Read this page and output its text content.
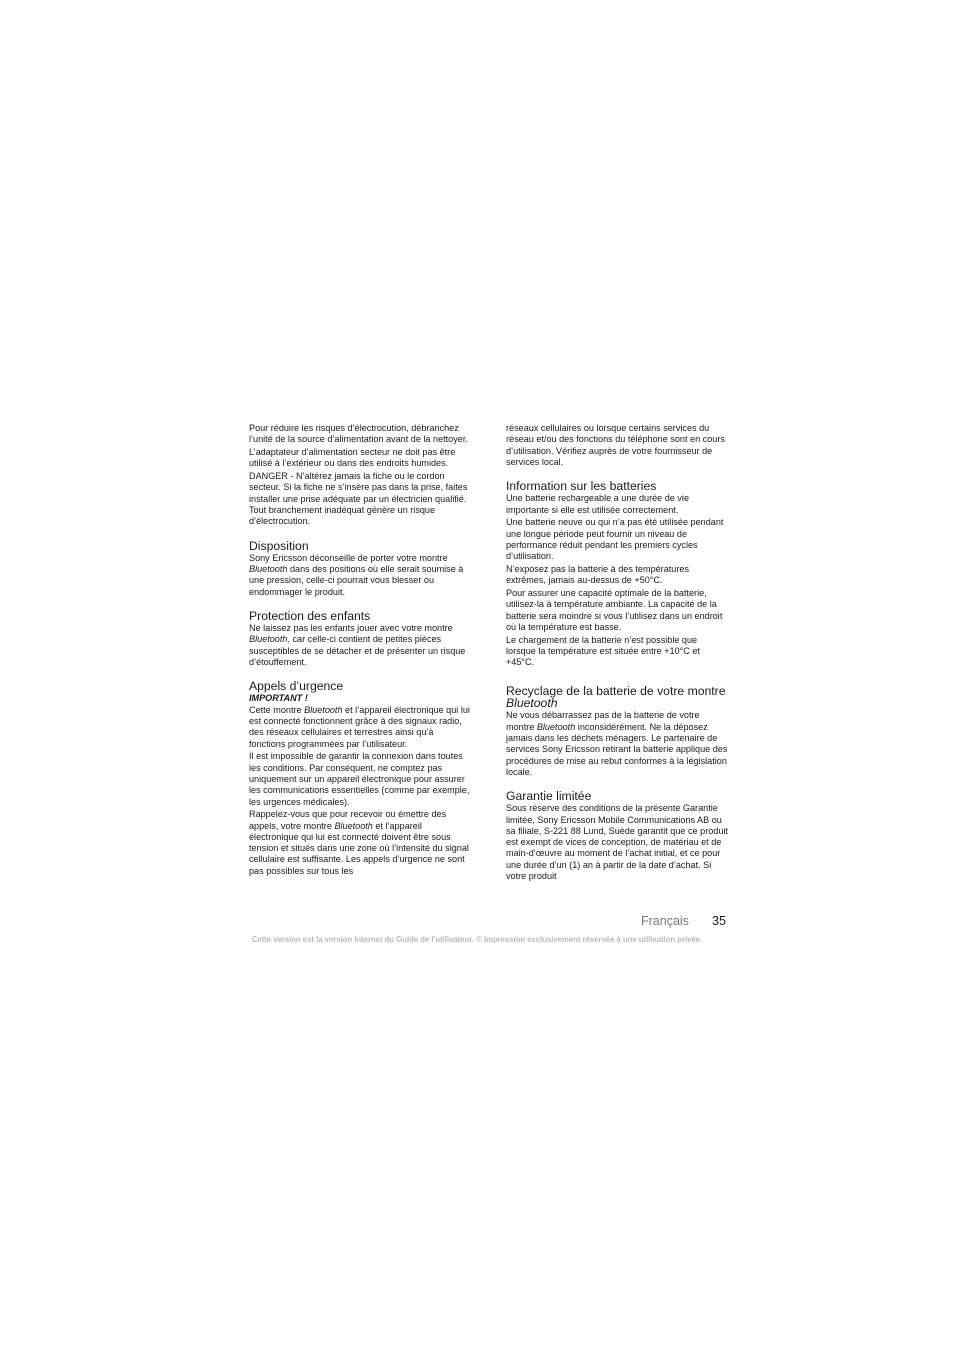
Pour réduire les risques d’électrocution, débranchez l’unité de la source d’alimentation avant de la nettoyer.

L’adaptateur d’alimentation secteur ne doit pas être utilisé à l’extérieur ou dans des endroits humides.

DANGER - N’altérez jamais la fiche ou le cordon secteur. Si la fiche ne s’insère pas dans la prise, faites installer une prise adéquate par un électricien qualifié. Tout branchement inadéquat génère un risque d’électrocution.

Disposition

Sony Ericsson déconseille de porter votre montre Bluetooth dans des positions où elle serait soumise à une pression, celle-ci pourrait vous blesser ou endommager le produit.

Protection des enfants

Ne laissez pas les enfants jouer avec votre montre Bluetooth, car celle-ci contient de petites pièces susceptibles de se détacher et de présenter un risque d’étouffement.

Appels d’urgence

IMPORTANT !

Cette montre Bluetooth et l’appareil électronique qui lui est connecté fonctionnent grâce à des signaux radio, des réseaux cellulaires et terrestres ainsi qu’à fonctions programmées par l’utilisateur.

Il est impossible de garantir la connexion dans toutes les conditions. Par conséquent, ne comptez pas uniquement sur un appareil électronique pour assurer les communications essentielles (comme par exemple, les urgences médicales).

Rappelez-vous que pour recevoir ou émettre des appels, votre montre Bluetooth et l’appareil électronique qui lui est connecté doivent être sous tension et situés dans une zone où l’intensité du signal cellulaire est suffisante. Les appels d’urgence ne sont pas possibles sur tous les

réseaux cellulaires ou lorsque certains services du réseau et/ou des fonctions du téléphone sont en cours d’utilisation. Vérifiez auprès de votre fournisseur de services local.

Information sur les batteries

Une batterie rechargeable a une durée de vie importante si elle est utilisée correctement.

Une batterie neuve ou qui n’a pas été utilisée pendant une longue période peut fournir un niveau de performance réduit pendant les premiers cycles d’utilisation.

N’exposez pas la batterie à des températures extrêmes, jamais au-dessus de +50°C.

Pour assurer une capacité optimale de la batterie, utilisez-la à température ambiante. La capacité de la batterie sera moindre si vous l’utilisez dans un endroit où la température est basse.

Le chargement de la batterie n’est possible que lorsque la température est située entre +10°C et +45°C.

Recyclage de la batterie de votre montre Bluetooth

Ne vous débarrassez pas de la batterie de votre montre Bluetooth inconsidérément. Ne la déposez jamais dans les déchets ménagers. Le partenaire de services Sony Ericsson retirant la batterie applique des procédures de mise au rebut conformes à la législation locale.

Garantie limitée

Sous réserve des conditions de la présente Garantie limitée, Sony Ericsson Mobile Communications AB ou sa filiale, S-221 88 Lund, Suède garantit que ce produit est exempt de vices de conception, de matériau et de main-d’œuvre au moment de l’achat initial, et ce pour une durée d’un (1) an à partir de la date d’achat. Si votre produit

Français 35
Cette version est la version Internet du Guide de l'utilisateur. © Impression exclusivement réservée à une utilisation privée.
